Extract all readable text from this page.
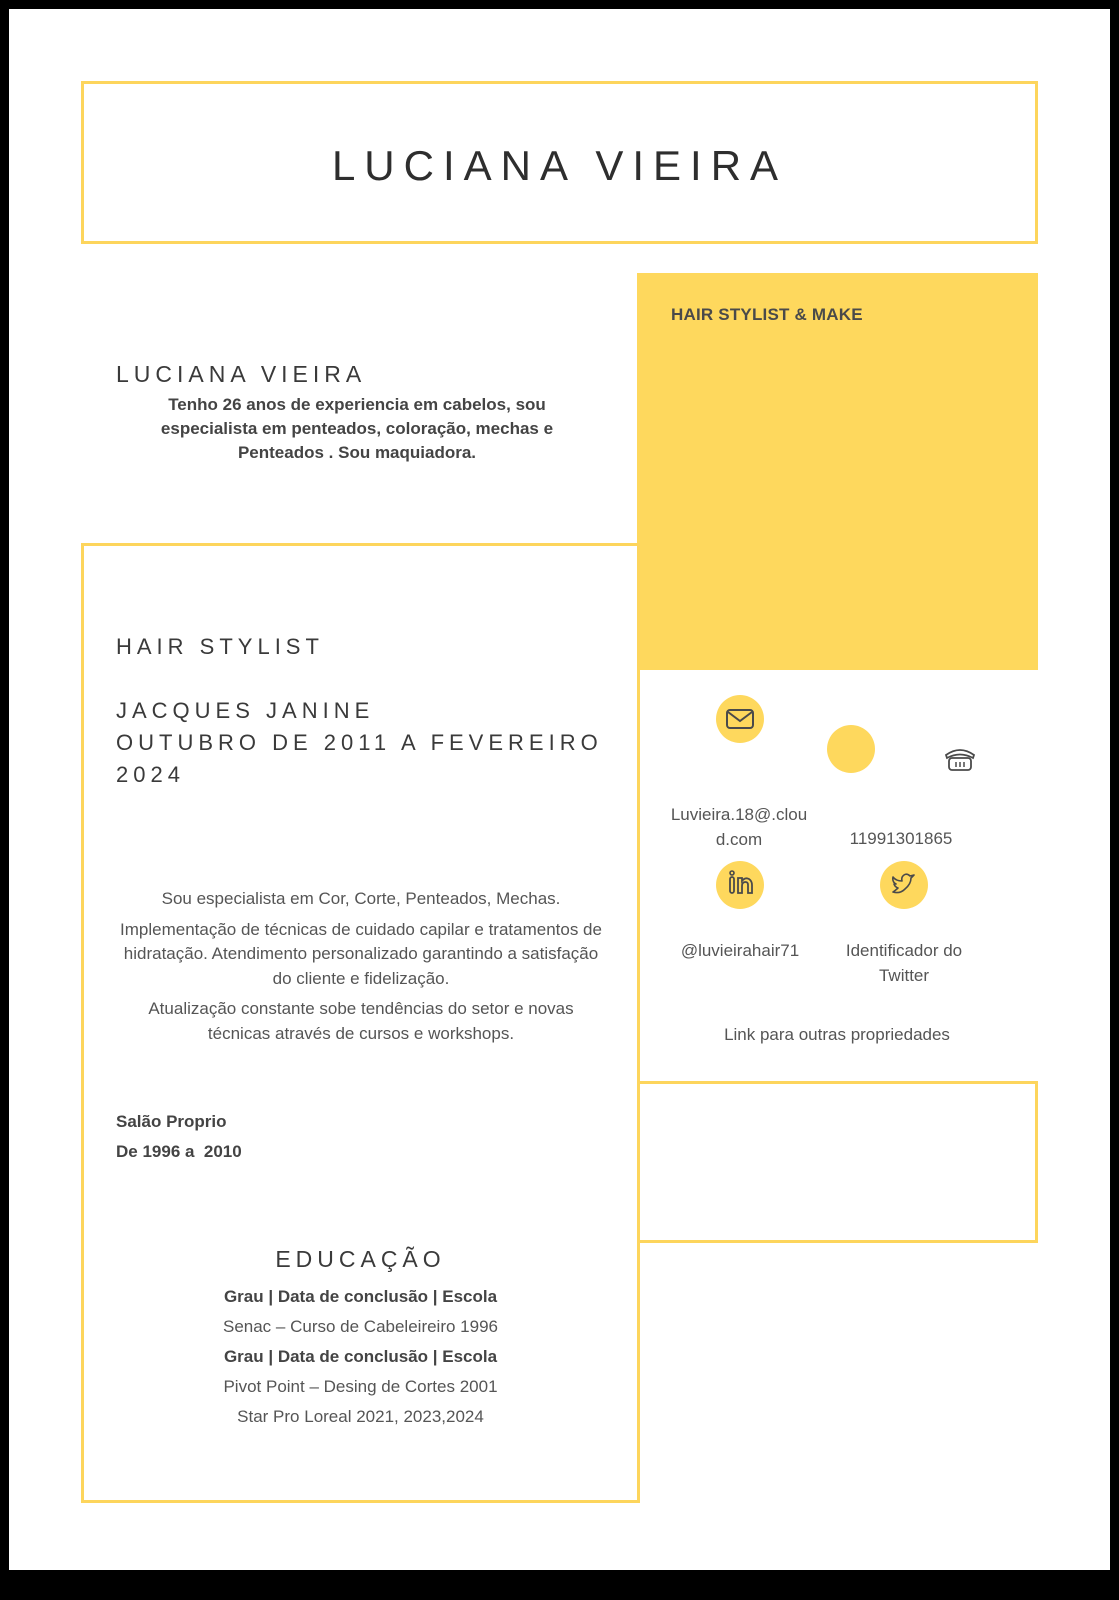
LUCIANA VIEIRA
HAIR STYLIST & MAKE
LUCIANA VIEIRA
Tenho 26 anos de experiencia em cabelos, sou especialista em penteados, coloração, mechas e Penteados . Sou maquiadora.
HAIR STYLIST
JACQUES JANINE
OUTUBRO DE 2011 A FEVEREIRO 2024

Sou especialista em Cor, Corte, Penteados, Mechas.

Implementação de técnicas de cuidado capilar e tratamentos de hidratação. Atendimento personalizado garantindo a satisfação do cliente e fidelização.

Atualização constante sobe tendências do setor e novas técnicas através de cursos e workshops.

Salão Proprio
De 1996 a  2010
EDUCAÇÃO
Grau | Data de conclusão | Escola
Senac – Curso de Cabeleireiro 1996
Grau | Data de conclusão | Escola
Pivot Point – Desing de Cortes 2001
Star Pro Loreal 2021, 2023,2024
Luvieira.18@.cloud.com	11991301865
@luvieirahair71	Identificador do Twitter
Link para outras propriedades
